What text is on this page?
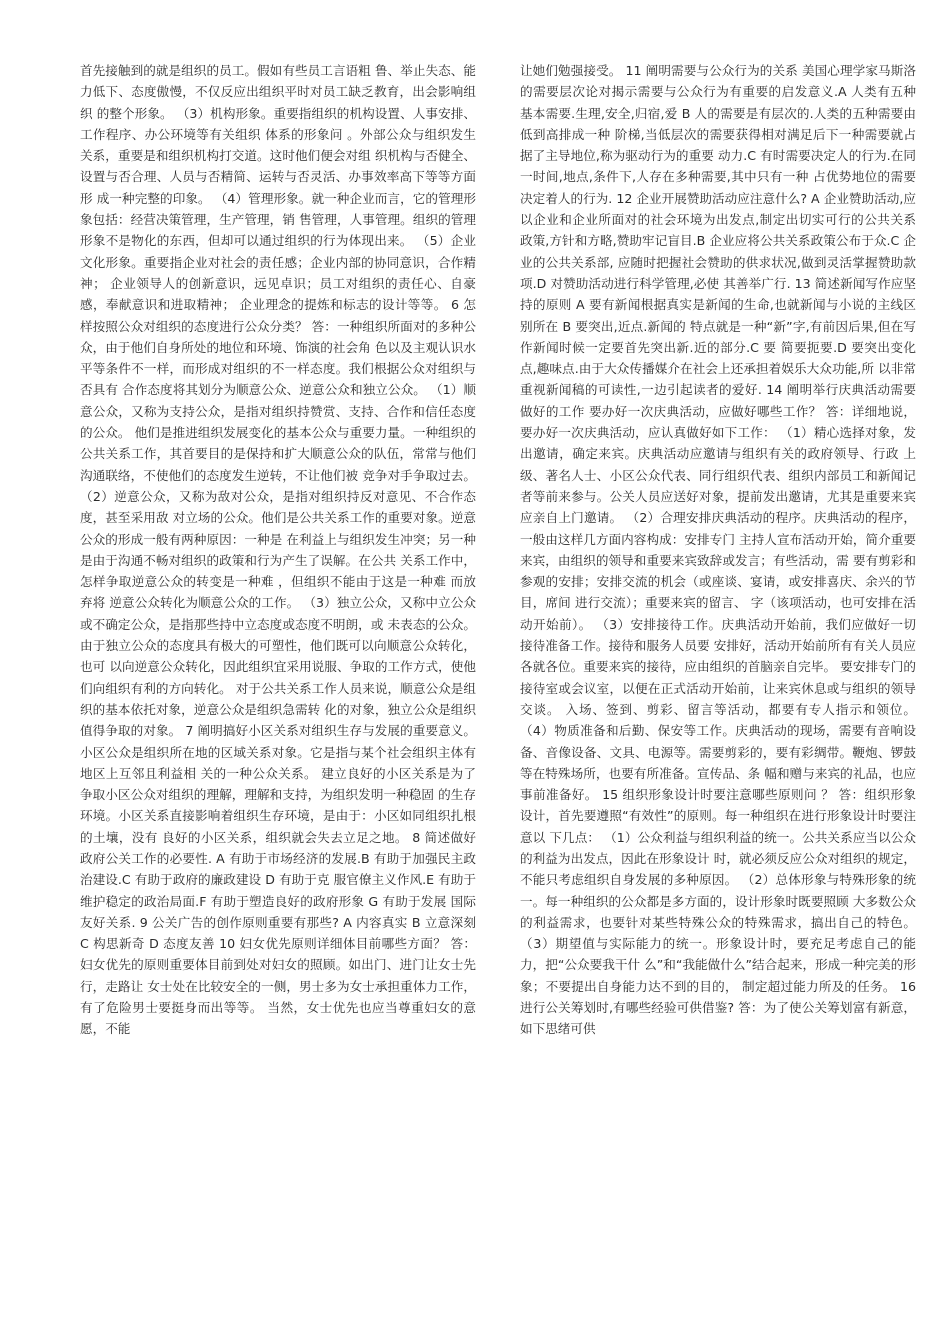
首先接触到的就是组织的员工。假如有些员工言语粗 鲁、举止失态、能力低下、态度傲慢，不仅反应出组织平时对员工缺乏教育，出会影响组织 的整个形象。 （3）机构形象。重要指组织的机构设置、人事安排、工作程序、办公环境等有关组织 体系的形象问 。外部公众与组织发生关系，重要是和组织机构打交道。这时他们便会对组 织机构与否健全、设置与否合理、人员与否精简、运转与否灵活、办事效率高下等等方面形 成一种完整的印象。 （4）管理形象。就一种企业而言，它的管理形象包括：经营决策管理，生产管理，销 售管理，人事管理。组织的管理形象不是物化的东西，但却可以通过组织的行为体现出来。 （5）企业文化形象。重要指企业对社会的责任感；企业内部的协同意识，合作精神； 企业领导人的创新意识，远见卓识；员工对组织的责任心、自豪感，奉献意识和进取精神； 企业理念的提炼和标志的设计等等。 6 怎样按照公众对组织的态度进行公众分类？ 答：一种组织所面对的多种公众，由于他们自身所处的地位和环境、饰演的社会角 色以及主观认识水平等条件不一样，而形成对组织的不一样态度。我们根据公众对组织与否具有 合作态度将其划分为顺意公众、逆意公众和独立公众。 （1）顺意公众，又称为支持公众，是指对组织持赞赏、支持、合作和信任态度的公众。 他们是推进组织发展变化的基本公众与重要力量。一种组织的公共关系工作，其首要目的是保持和扩大顺意公众的队伍，常常与他们沟通联络，不使他们的态度发生逆转，不让他们被 竞争对手争取过去。 （2）逆意公众，又称为敌对公众，是指对组织持反对意见、不合作态度，甚至采用敌 对立场的公众。他们是公共关系工作的重要对象。逆意公众的形成一般有两种原因：一种是 在利益上与组织发生冲突；另一种是由于沟通不畅对组织的政策和行为产生了误解。在公共 关系工作中，怎样争取逆意公众的转变是一种难 ，但组织不能由于这是一种难 而放弃将 逆意公众转化为顺意公众的工作。 （3）独立公众，又称中立公众或不确定公众，是指那些持中立态度或态度不明朗，或 未表态的公众。由于独立公众的态度具有极大的可塑性，他们既可以向顺意公众转化，也可 以向逆意公众转化，因此组织宜采用说服、争取的工作方式，使他们向组织有利的方向转化。 对于公共关系工作人员来说，顺意公众是组织的基本依托对象，逆意公众是组织急需转 化的对象，独立公众是组织值得争取的对象。 7 阐明搞好小区关系对组织生存与发展的重要意义。 小区公众是组织所在地的区域关系对象。它是指与某个社会组织主体有地区上互邻且利益相 关的一种公众关系。 建立良好的小区关系是为了争取小区公众对组织的理解，理解和支持，为组织发明一种稳固 的生存环境。小区关系直接影响着组织生存环境，是由于：小区如同组织扎根的土壤，没有 良好的小区关系，组织就会失去立足之地。 8 简述做好政府公关工作的必要性. A 有助于市场经济的发展.B 有助于加强民主政治建设.C 有助于政府的廉政建设 D 有助于克 服官僚主义作风.E 有助于维护稳定的政治局面.F 有助于塑造良好的政府形象 G 有助于发展 国际友好关系. 9 公关广告的创作原则重要有那些? A 内容真实 B 立意深刻 C 构思新奇 D 态度友善 10 妇女优先原则详细体目前哪些方面？ 答：妇女优先的原则重要体目前到处对妇女的照顾。如出门、进门让女士先行，走路让 女士处在比较安全的一侧，男士多为女士承担重体力工作，有了危险男士要挺身而出等等。 当然，女士优先也应当尊重妇女的意愿，不能

让她们勉强接受。 11 阐明需要与公众行为的关系 美国心理学家马斯洛的需要层次论对揭示需要与公众行为有重要的启发意义.A 人类有五种 基本需要.生理,安全,归宿,爱 B 人的需要是有层次的.人类的五种需要由低到高排成一种 阶梯,当低层次的需要获得相对满足后下一种需要就占据了主导地位,称为驱动行为的重要 动力.C 有时需要决定人的行为.在同一时间,地点,条件下,人存在多种需要,其中只有一种 占优势地位的需要决定着人的行为. 12 企业开展赞助活动应注意什么? A 企业赞助活动,应以企业和企业所面对的社会环境为出发点,制定出切实可行的公共关系 政策,方针和方略,赞助牢记盲目.B 企业应将公共关系政策公布于众.C 企业的公共关系部, 应随时把握社会赞助的供求状况,做到灵活掌握赞助款项.D 对赞助活动进行科学管理,必使 其善举广行. 13 简述新闻写作应坚持的原则 A 要有新闻根据真实是新闻的生命,也就新闻与小说的主线区别所在 B 要突出,近点.新闻的 特点就是一种“新”字,有前因后果,但在写作新闻时候一定要首先突出新.近的部分.C 要 简要扼要.D 要突出变化点,趣味点.由于大众传播媒介在社会上还承担着娱乐大众功能,所 以非常重视新闻稿的可读性,一边引起读者的爱好. 14 阐明举行庆典活动需要做好的工作 要办好一次庆典活动，应做好哪些工作？ 答：详细地说，要办好一次庆典活动，应认真做好如下工作： （1）精心选择对象，发出邀请，确定来宾。庆典活动应邀请与组织有关的政府领导、行政 上级、著名人士、小区公众代表、同行组织代表、组织内部员工和新闻记者等前来参与。公关人员应送好对象，提前发出邀请，尤其是重要来宾应亲自上门邀请。 （2）合理安排庆典活动的程序。庆典活动的程序，一般由这样几方面内容构成：安排专门 主持人宣布活动开始，简介重要来宾，由组织的领导和重要来宾致辞或发言；有些活动，需 要有剪彩和参观的安排；安排交流的机会（或座谈、宴请，或安排喜庆、余兴的节目，席间 进行交流）；重要来宾的留言、 字（该项活动，也可安排在活动开始前）。 （3）安排接待工作。庆典活动开始前，我们应做好一切接待准备工作。接待和服务人员要 安排好，活动开始前所有有关人员应各就各位。重要来宾的接待，应由组织的首脑亲自完毕。 要安排专门的接待室或会议室，以便在正式活动开始前，让来宾休息或与组织的领导交谈。 入场、签到、剪彩、留言等活动，都要有专人指示和领位。 （4）物质准备和后勤、保安等工作。庆典活动的现场，需要有音响设备、音像设备、文具、电源等。需要剪彩的，要有彩绸带。鞭炮、锣鼓等在特殊场所，也要有所准备。宣传品、条 幅和赠与来宾的礼品，也应事前准备好。 15 组织形象设计时要注意哪些原则问 ？ 答：组织形象设计，首先要遵照“有效性”的原则。每一种组织在进行形象设计时要注意以 下几点： （1）公众利益与组织利益的统一。公共关系应当以公众的利益为出发点，因此在形象设计 时，就必须反应公众对组织的规定，不能只考虑组织自身发展的多种原因。 （2）总体形象与特殊形象的统一。每一种组织的公众都是多方面的，设计形象时既要照顾 大多数公众的利益需求，也要针对某些特殊公众的特殊需求，搞出自己的特色。 （3）期望值与实际能力的统一。形象设计时，要充足考虑自己的能力，把“公众要我干什 么”和“我能做什么”结合起来，形成一种完美的形象；不要提出自身能力达不到的目的， 制定超过能力所及的任务。 16 进行公关筹划时,有哪些经验可供借鉴? 答：为了使公关筹划富有新意，如下思绪可供
